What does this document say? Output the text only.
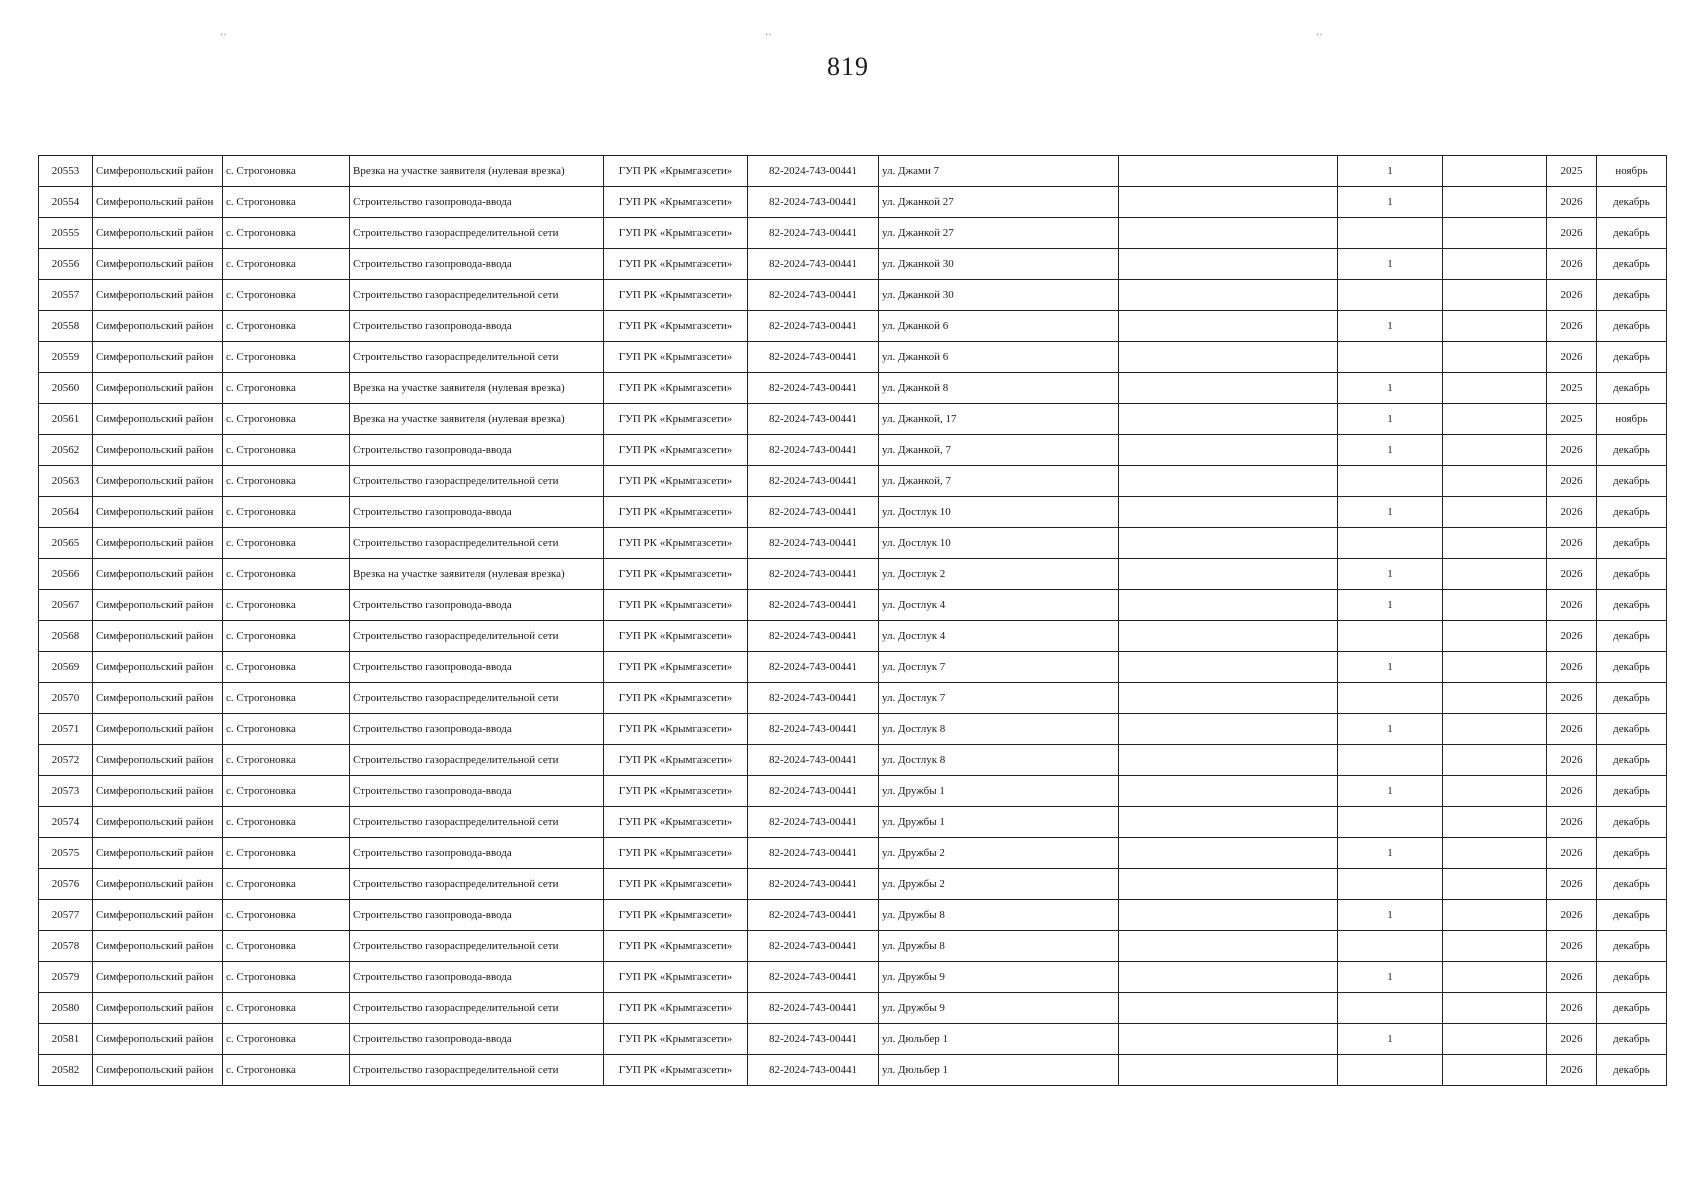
··	··	··
819
20553	Симферопольский район	с. Строгоновка	Врезка на участке заявителя (нулевая врезка)	ГУП РК «Крымгазсети»	82-2024-743-00441	ул. Джами 7		1		2025	ноябрь
20554	Симферопольский район	с. Строгоновка	Строительство газопровода-ввода	ГУП РК «Крымгазсети»	82-2024-743-00441	ул. Джанкой 27		1		2026	декабрь
20555	Симферопольский район	с. Строгоновка	Строительство газораспределительной сети	ГУП РК «Крымгазсети»	82-2024-743-00441	ул. Джанкой 27				2026	декабрь
20556	Симферопольский район	с. Строгоновка	Строительство газопровода-ввода	ГУП РК «Крымгазсети»	82-2024-743-00441	ул. Джанкой 30		1		2026	декабрь
20557	Симферопольский район	с. Строгоновка	Строительство газораспределительной сети	ГУП РК «Крымгазсети»	82-2024-743-00441	ул. Джанкой 30				2026	декабрь
20558	Симферопольский район	с. Строгоновка	Строительство газопровода-ввода	ГУП РК «Крымгазсети»	82-2024-743-00441	ул. Джанкой 6		1		2026	декабрь
20559	Симферопольский район	с. Строгоновка	Строительство газораспределительной сети	ГУП РК «Крымгазсети»	82-2024-743-00441	ул. Джанкой 6				2026	декабрь
20560	Симферопольский район	с. Строгоновка	Врезка на участке заявителя (нулевая врезка)	ГУП РК «Крымгазсети»	82-2024-743-00441	ул. Джанкой 8		1		2025	декабрь
20561	Симферопольский район	с. Строгоновка	Врезка на участке заявителя (нулевая врезка)	ГУП РК «Крымгазсети»	82-2024-743-00441	ул. Джанкой, 17		1		2025	ноябрь
20562	Симферопольский район	с. Строгоновка	Строительство газопровода-ввода	ГУП РК «Крымгазсети»	82-2024-743-00441	ул. Джанкой, 7		1		2026	декабрь
20563	Симферопольский район	с. Строгоновка	Строительство газораспределительной сети	ГУП РК «Крымгазсети»	82-2024-743-00441	ул. Джанкой, 7				2026	декабрь
20564	Симферопольский район	с. Строгоновка	Строительство газопровода-ввода	ГУП РК «Крымгазсети»	82-2024-743-00441	ул. Достлук 10		1		2026	декабрь
20565	Симферопольский район	с. Строгоновка	Строительство газораспределительной сети	ГУП РК «Крымгазсети»	82-2024-743-00441	ул. Достлук 10				2026	декабрь
20566	Симферопольский район	с. Строгоновка	Врезка на участке заявителя (нулевая врезка)	ГУП РК «Крымгазсети»	82-2024-743-00441	ул. Достлук 2		1		2026	декабрь
20567	Симферопольский район	с. Строгоновка	Строительство газопровода-ввода	ГУП РК «Крымгазсети»	82-2024-743-00441	ул. Достлук 4		1		2026	декабрь
20568	Симферопольский район	с. Строгоновка	Строительство газораспределительной сети	ГУП РК «Крымгазсети»	82-2024-743-00441	ул. Достлук 4				2026	декабрь
20569	Симферопольский район	с. Строгоновка	Строительство газопровода-ввода	ГУП РК «Крымгазсети»	82-2024-743-00441	ул. Достлук 7		1		2026	декабрь
20570	Симферопольский район	с. Строгоновка	Строительство газораспределительной сети	ГУП РК «Крымгазсети»	82-2024-743-00441	ул. Достлук 7				2026	декабрь
20571	Симферопольский район	с. Строгоновка	Строительство газопровода-ввода	ГУП РК «Крымгазсети»	82-2024-743-00441	ул. Достлук 8		1		2026	декабрь
20572	Симферопольский район	с. Строгоновка	Строительство газораспределительной сети	ГУП РК «Крымгазсети»	82-2024-743-00441	ул. Достлук 8				2026	декабрь
20573	Симферопольский район	с. Строгоновка	Строительство газопровода-ввода	ГУП РК «Крымгазсети»	82-2024-743-00441	ул. Дружбы 1		1		2026	декабрь
20574	Симферопольский район	с. Строгоновка	Строительство газораспределительной сети	ГУП РК «Крымгазсети»	82-2024-743-00441	ул. Дружбы 1				2026	декабрь
20575	Симферопольский район	с. Строгоновка	Строительство газопровода-ввода	ГУП РК «Крымгазсети»	82-2024-743-00441	ул. Дружбы 2		1		2026	декабрь
20576	Симферопольский район	с. Строгоновка	Строительство газораспределительной сети	ГУП РК «Крымгазсети»	82-2024-743-00441	ул. Дружбы 2				2026	декабрь
20577	Симферопольский район	с. Строгоновка	Строительство газопровода-ввода	ГУП РК «Крымгазсети»	82-2024-743-00441	ул. Дружбы 8		1		2026	декабрь
20578	Симферопольский район	с. Строгоновка	Строительство газораспределительной сети	ГУП РК «Крымгазсети»	82-2024-743-00441	ул. Дружбы 8				2026	декабрь
20579	Симферопольский район	с. Строгоновка	Строительство газопровода-ввода	ГУП РК «Крымгазсети»	82-2024-743-00441	ул. Дружбы 9		1		2026	декабрь
20580	Симферопольский район	с. Строгоновка	Строительство газораспределительной сети	ГУП РК «Крымгазсети»	82-2024-743-00441	ул. Дружбы 9				2026	декабрь
20581	Симферопольский район	с. Строгоновка	Строительство газопровода-ввода	ГУП РК «Крымгазсети»	82-2024-743-00441	ул. Дюльбер 1		1		2026	декабрь
20582	Симферопольский район	с. Строгоновка	Строительство газораспределительной сети	ГУП РК «Крымгазсети»	82-2024-743-00441	ул. Дюльбер 1				2026	декабрь
